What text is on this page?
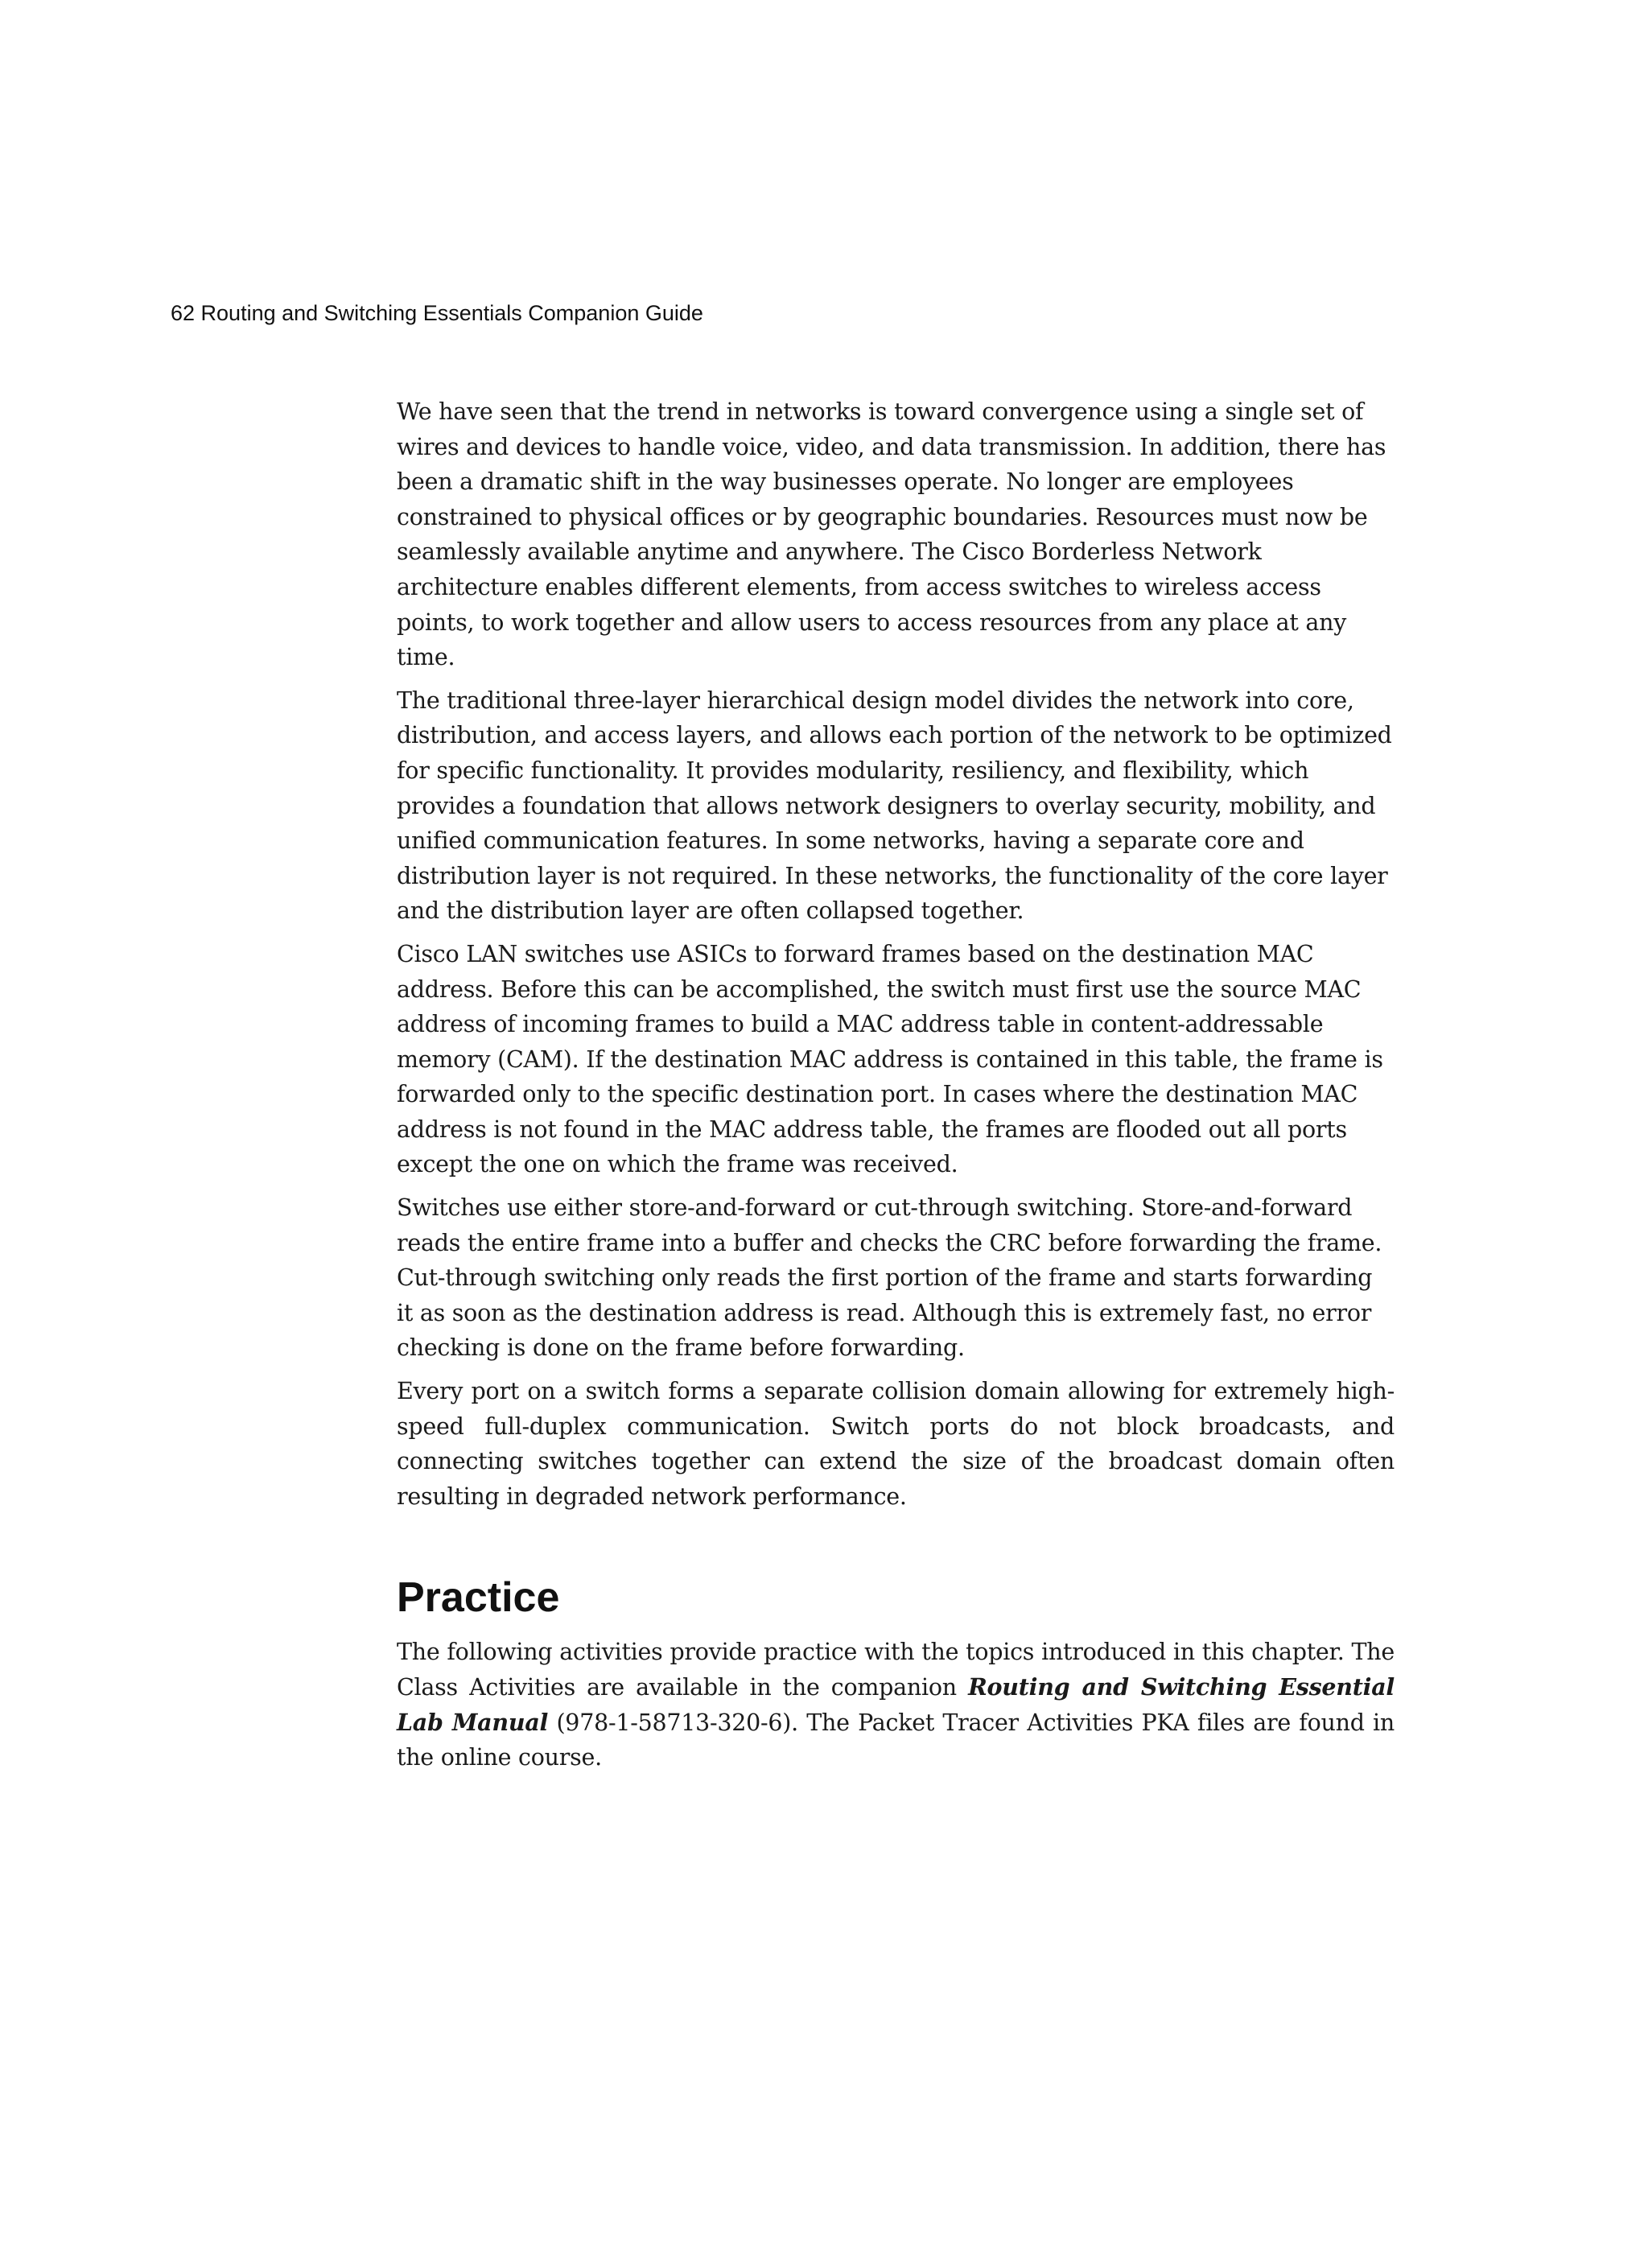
62 Routing and Switching Essentials Companion Guide

We have seen that the trend in networks is toward convergence using a single set of wires and devices to handle voice, video, and data transmission. In addition, there has been a dramatic shift in the way businesses operate. No longer are employees constrained to physical offices or by geographic boundaries. Resources must now be seamlessly available anytime and anywhere. The Cisco Borderless Network architecture enables different elements, from access switches to wireless access points, to work together and allow users to access resources from any place at any time.

The traditional three-layer hierarchical design model divides the network into core, distribution, and access layers, and allows each portion of the network to be optimized for specific functionality. It provides modularity, resiliency, and flexibility, which provides a foundation that allows network designers to overlay security, mobility, and unified communication features. In some networks, having a separate core and distribution layer is not required. In these networks, the functionality of the core layer and the distribution layer are often collapsed together.

Cisco LAN switches use ASICs to forward frames based on the destination MAC address. Before this can be accomplished, the switch must first use the source MAC address of incoming frames to build a MAC address table in content-addressable memory (CAM). If the destination MAC address is contained in this table, the frame is forwarded only to the specific destination port. In cases where the destination MAC address is not found in the MAC address table, the frames are flooded out all ports except the one on which the frame was received.

Switches use either store-and-forward or cut-through switching. Store-and-forward reads the entire frame into a buffer and checks the CRC before forwarding the frame. Cut-through switching only reads the first portion of the frame and starts forwarding it as soon as the destination address is read. Although this is extremely fast, no error checking is done on the frame before forwarding.

Every port on a switch forms a separate collision domain allowing for extremely high-speed full-duplex communication. Switch ports do not block broadcasts, and connecting switches together can extend the size of the broadcast domain often resulting in degraded network performance.

Practice

The following activities provide practice with the topics introduced in this chapter. The Class Activities are available in the companion Routing and Switching Essential Lab Manual (978-1-58713-320-6). The Packet Tracer Activities PKA files are found in the online course.
